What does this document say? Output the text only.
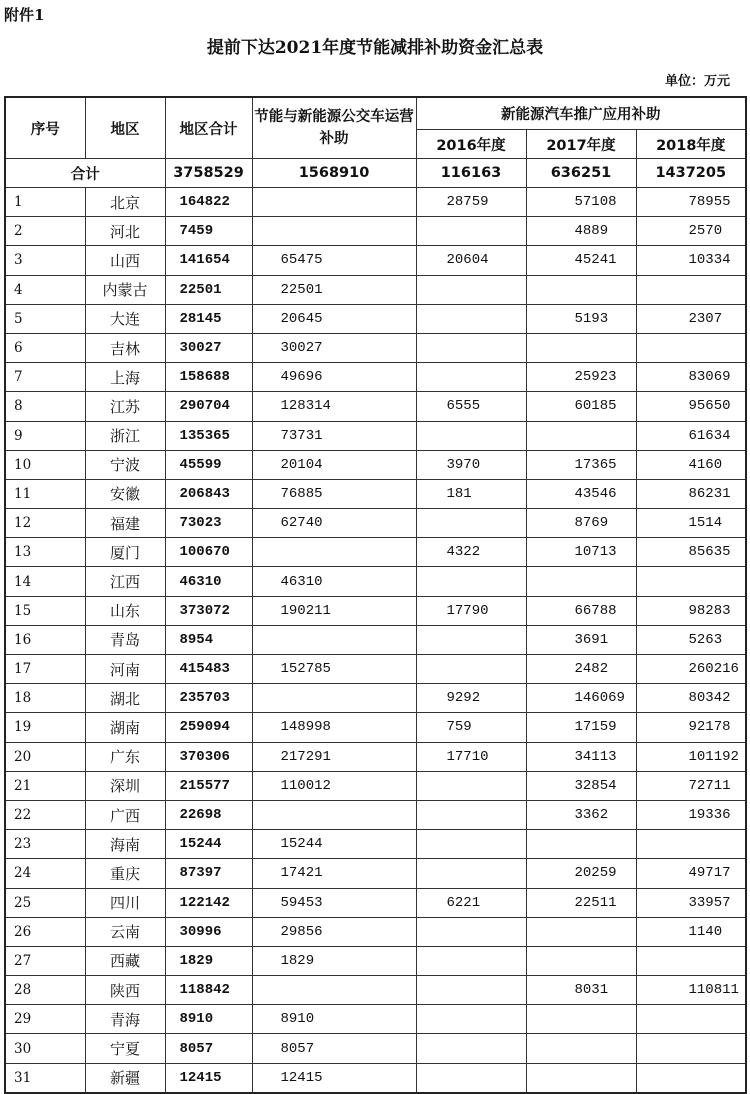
附件1
提前下达2021年度节能减排补助资金汇总表
单位：万元
序号	地区	地区合计	节能与新能源公交车运营补助	新能源汽车推广应用补助		
				2016年度	2017年度	2018年度
合计		3758529	1568910	116163	636251	1437205
1	北京	164822		28759	57108	78955
2	河北	7459			4889	2570
3	山西	141654	65475	20604	45241	10334
4	内蒙古	22501	22501			
5	大连	28145	20645		5193	2307
6	吉林	30027	30027			
7	上海	158688	49696		25923	83069
8	江苏	290704	128314	6555	60185	95650
9	浙江	135365	73731			61634
10	宁波	45599	20104	3970	17365	4160
11	安徽	206843	76885	181	43546	86231
12	福建	73023	62740		8769	1514
13	厦门	100670		4322	10713	85635
14	江西	46310	46310			
15	山东	373072	190211	17790	66788	98283
16	青岛	8954			3691	5263
17	河南	415483	152785		2482	260216
18	湖北	235703		9292	146069	80342
19	湖南	259094	148998	759	17159	92178
20	广东	370306	217291	17710	34113	101192
21	深圳	215577	110012		32854	72711
22	广西	22698			3362	19336
23	海南	15244	15244			
24	重庆	87397	17421		20259	49717
25	四川	122142	59453	6221	22511	33957
26	云南	30996	29856			1140
27	西藏	1829	1829			
28	陕西	118842			8031	110811
29	青海	8910	8910			
30	宁夏	8057	8057			
31	新疆	12415	12415			
